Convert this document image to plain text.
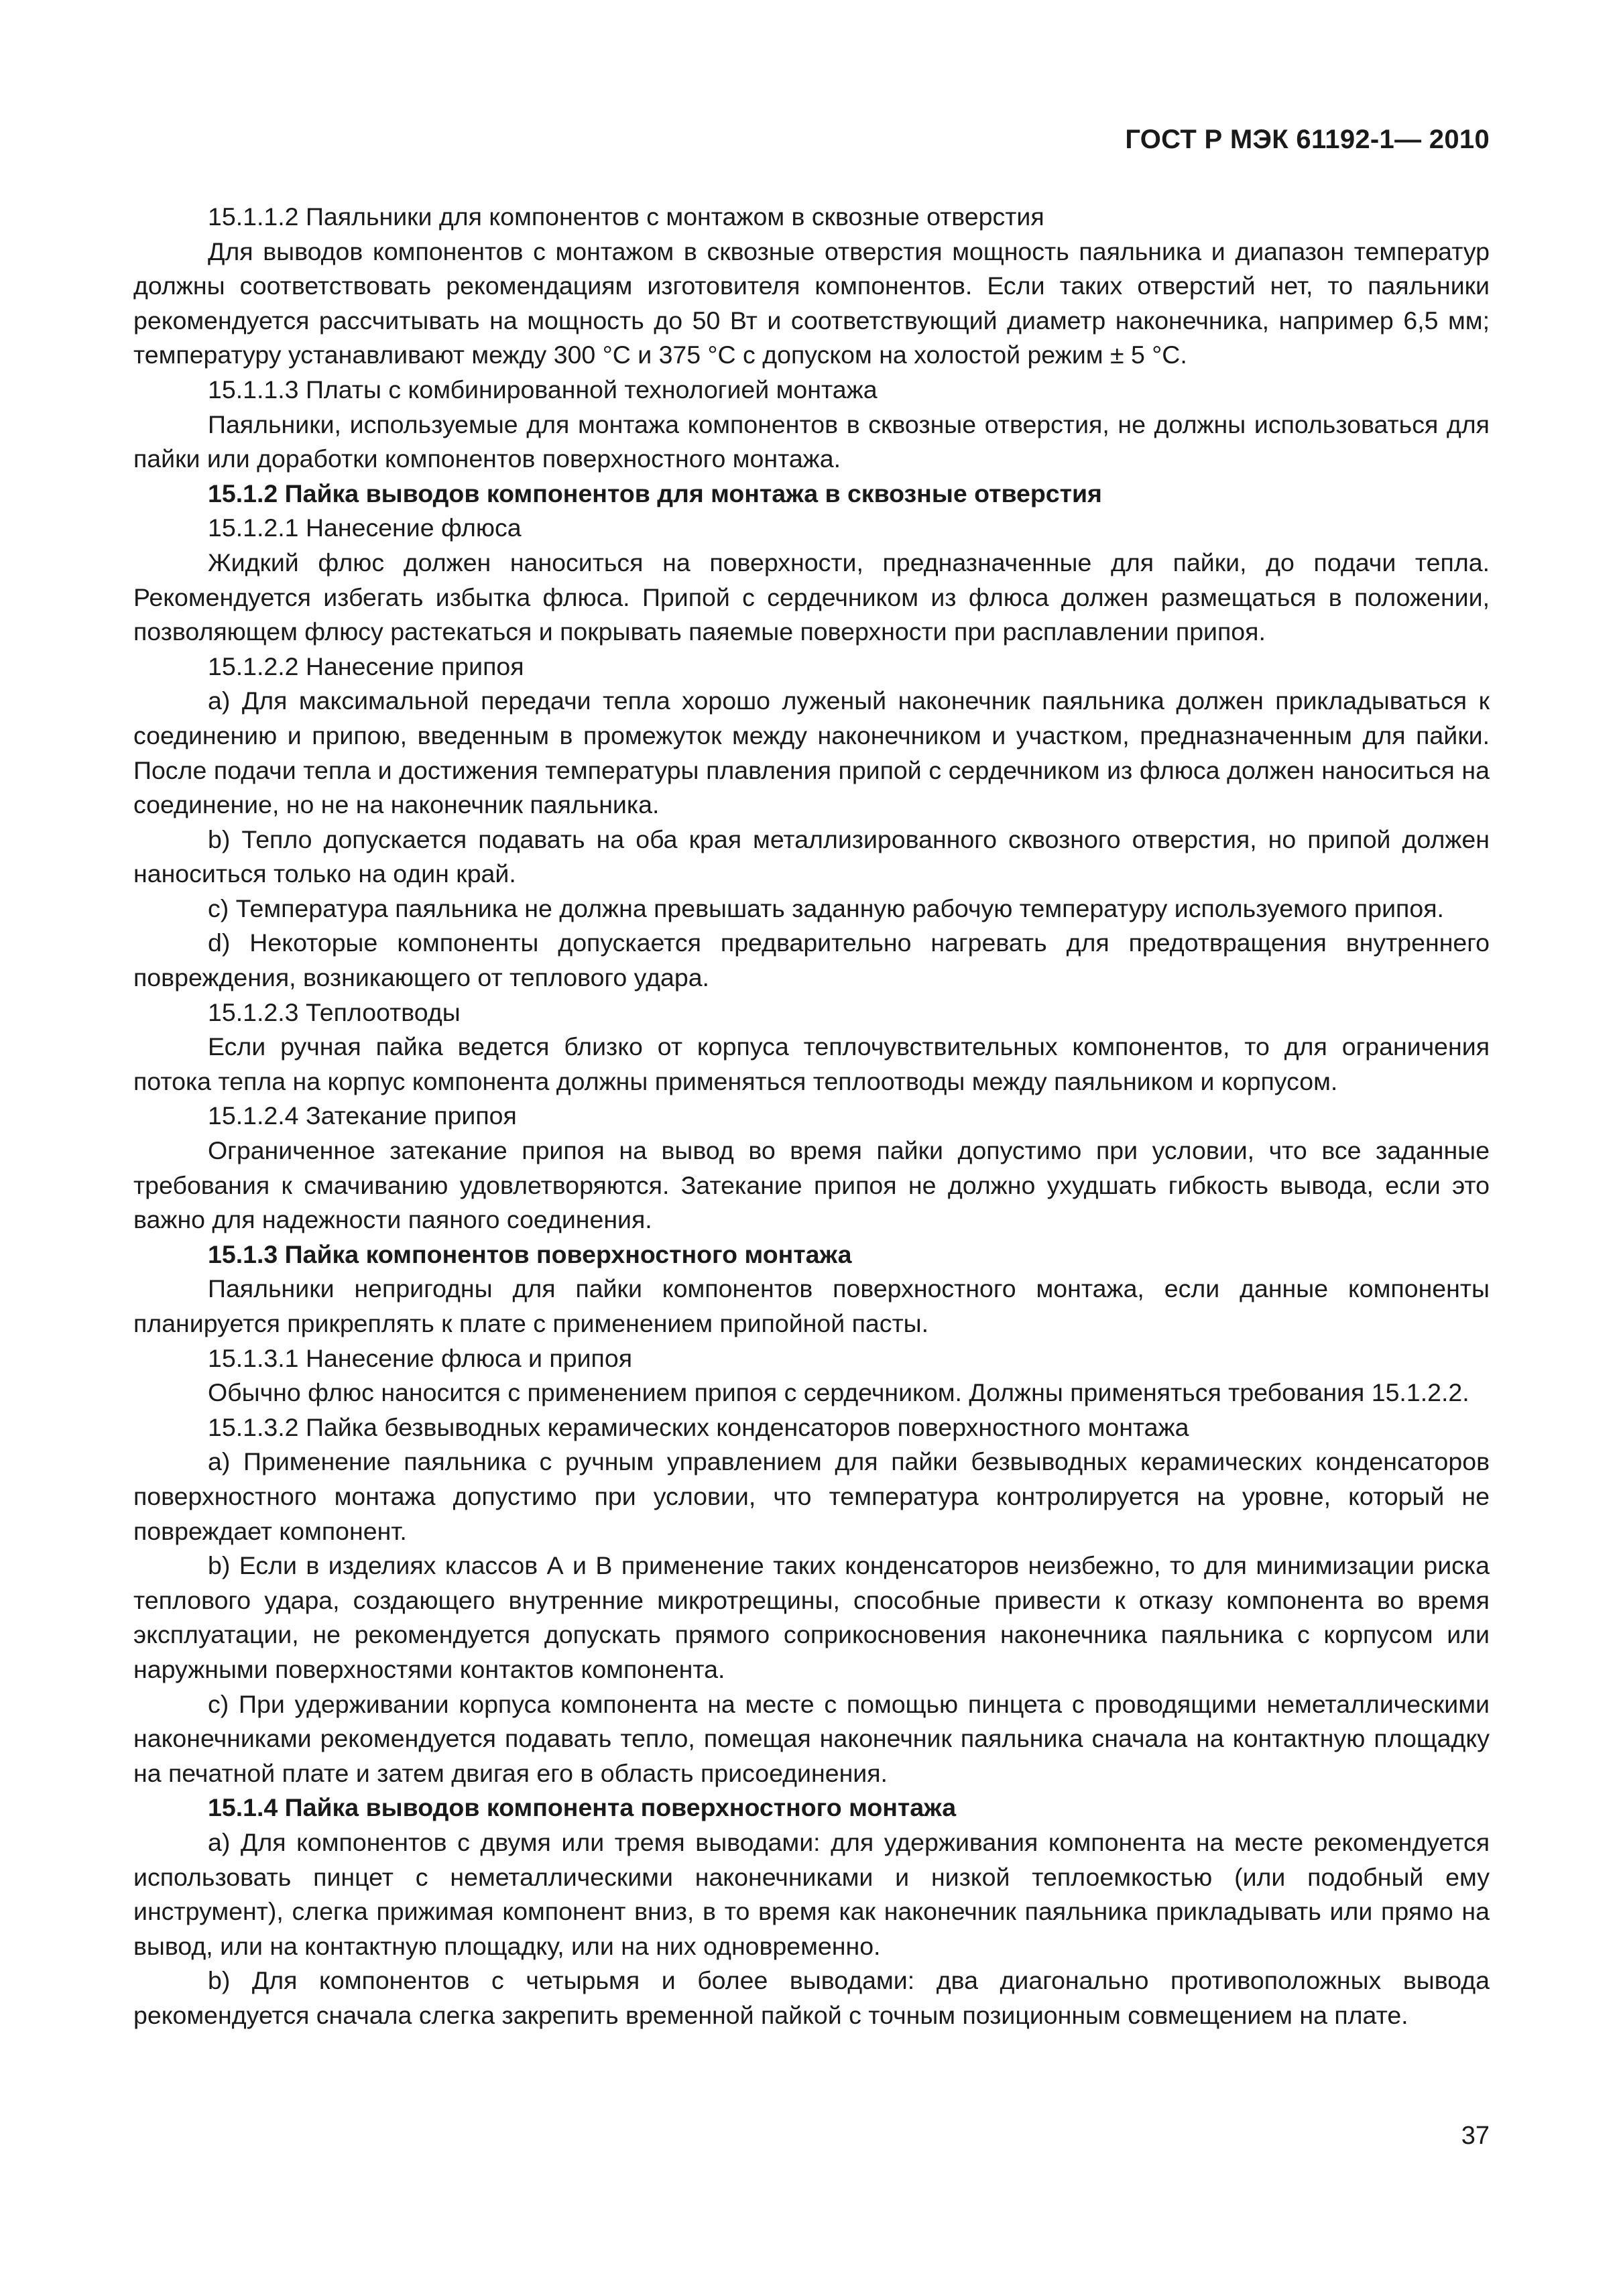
ГОСТ Р МЭК 61192-1— 2010

15.1.1.2 Паяльники для компонентов с монтажом в сквозные отверстия

Для выводов компонентов с монтажом в сквозные отверстия мощность паяльника и диапазон температур должны соответствовать рекомендациям изготовителя компонентов. Если таких отверстий нет, то паяльники рекомендуется рассчитывать на мощность до 50 Вт и соответствующий диаметр наконечника, например 6,5 мм; температуру устанавливают между 300 °С и 375 °С с допуском на холостой режим ± 5 °С.

15.1.1.3 Платы с комбинированной технологией монтажа

Паяльники, используемые для монтажа компонентов в сквозные отверстия, не должны использоваться для пайки или доработки компонентов поверхностного монтажа.

15.1.2 Пайка выводов компонентов для монтажа в сквозные отверстия

15.1.2.1 Нанесение флюса

Жидкий флюс должен наноситься на поверхности, предназначенные для пайки, до подачи тепла. Рекомендуется избегать избытка флюса. Припой с сердечником из флюса должен размещаться в положении, позволяющем флюсу растекаться и покрывать паяемые поверхности при расплавлении припоя.

15.1.2.2 Нанесение припоя

a) Для максимальной передачи тепла хорошо луженый наконечник паяльника должен прикладываться к соединению и припою, введенным в промежуток между наконечником и участком, предназначенным для пайки. После подачи тепла и достижения температуры плавления припой с сердечником из флюса должен наноситься на соединение, но не на наконечник паяльника.

b) Тепло допускается подавать на оба края металлизированного сквозного отверстия, но припой должен наноситься только на один край.

c) Температура паяльника не должна превышать заданную рабочую температуру используемого припоя.

d) Некоторые компоненты допускается предварительно нагревать для предотвращения внутреннего повреждения, возникающего от теплового удара.

15.1.2.3 Теплоотводы

Если ручная пайка ведется близко от корпуса теплочувствительных компонентов, то для ограничения потока тепла на корпус компонента должны применяться теплоотводы между паяльником и корпусом.

15.1.2.4 Затекание припоя

Ограниченное затекание припоя на вывод во время пайки допустимо при условии, что все заданные требования к смачиванию удовлетворяются. Затекание припоя не должно ухудшать гибкость вывода, если это важно для надежности паяного соединения.

15.1.3 Пайка компонентов поверхностного монтажа

Паяльники непригодны для пайки компонентов поверхностного монтажа, если данные компоненты планируется прикреплять к плате с применением припойной пасты.

15.1.3.1 Нанесение флюса и припоя

Обычно флюс наносится с применением припоя с сердечником. Должны применяться требования 15.1.2.2.

15.1.3.2 Пайка безвыводных керамических конденсаторов поверхностного монтажа

a) Применение паяльника с ручным управлением для пайки безвыводных керамических конденсаторов поверхностного монтажа допустимо при условии, что температура контролируется на уровне, который не повреждает компонент.

b) Если в изделиях классов А и В применение таких конденсаторов неизбежно, то для минимизации риска теплового удара, создающего внутренние микротрещины, способные привести к отказу компонента во время эксплуатации, не рекомендуется допускать прямого соприкосновения наконечника паяльника с корпусом или наружными поверхностями контактов компонента.

c) При удерживании корпуса компонента на месте с помощью пинцета с проводящими неметаллическими наконечниками рекомендуется подавать тепло, помещая наконечник паяльника сначала на контактную площадку на печатной плате и затем двигая его в область присоединения.

15.1.4 Пайка выводов компонента поверхностного монтажа

a) Для компонентов с двумя или тремя выводами: для удерживания компонента на месте рекомендуется использовать пинцет с неметаллическими наконечниками и низкой теплоемкостью (или подобный ему инструмент), слегка прижимая компонент вниз, в то время как наконечник паяльника прикладывать или прямо на вывод, или на контактную площадку, или на них одновременно.

b) Для компонентов с четырьмя и более выводами: два диагонально противоположных вывода рекомендуется сначала слегка закрепить временной пайкой с точным позиционным совмещением на плате.

37
